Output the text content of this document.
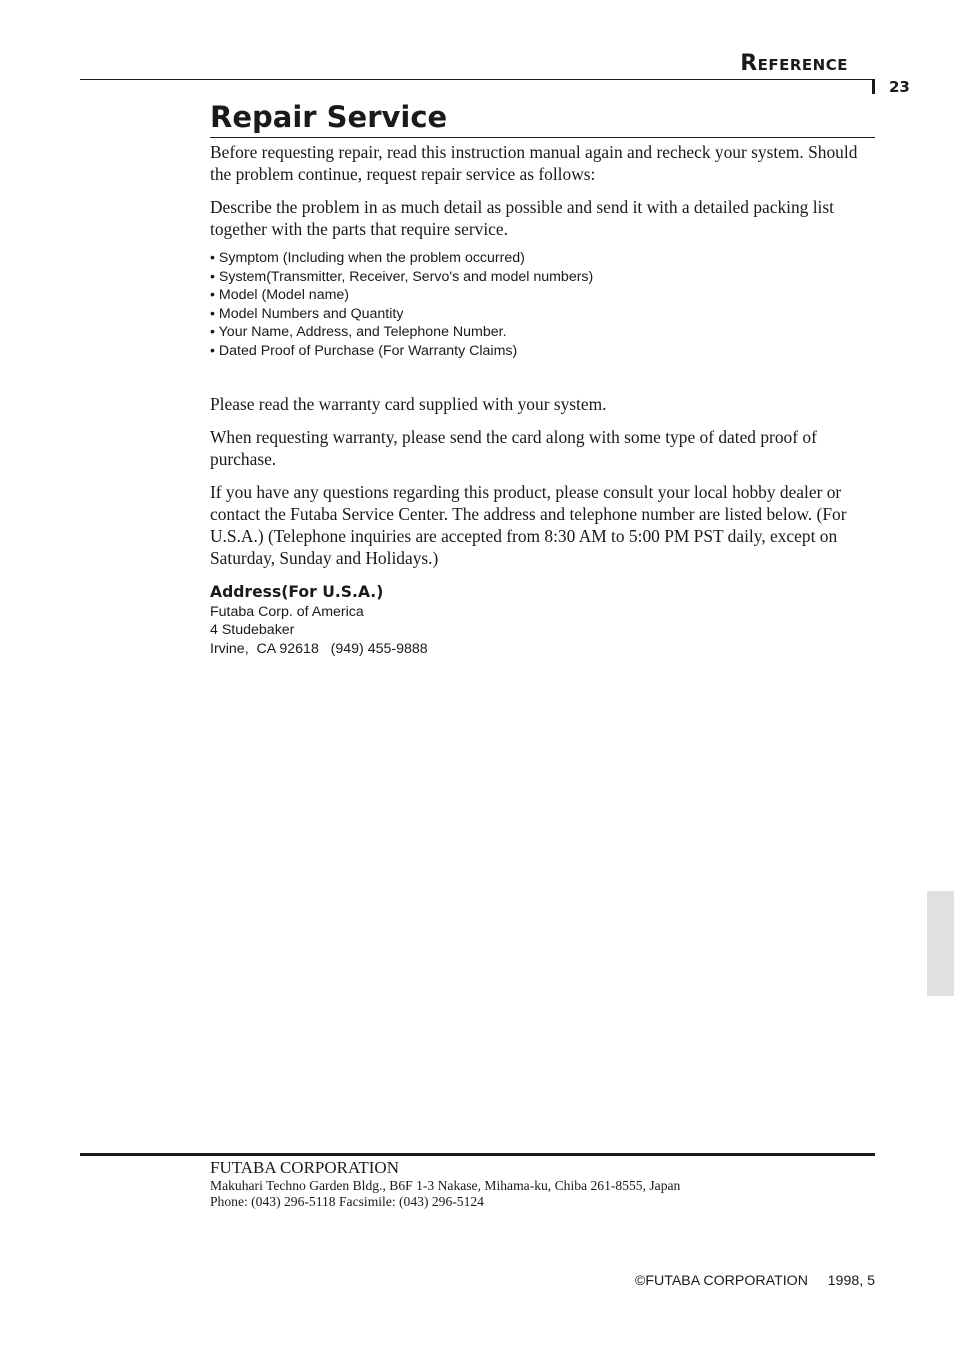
Reference
23
Repair Service

Before requesting repair, read this instruction manual again and recheck your system. Should the problem continue, request repair service as follows:

Describe the problem in as much detail as possible and send it with a detailed packing list together with the parts that require service.

• Symptom (Including when the problem occurred)
• System(Transmitter, Receiver, Servo's and model numbers)
• Model (Model name)
• Model Numbers and Quantity
• Your Name, Address, and Telephone Number.
• Dated Proof of Purchase (For Warranty Claims)

Please read the warranty card supplied with your system.

When requesting warranty, please send the card along with some type of dated proof of purchase.

If you have any questions regarding this product, please consult your local hobby dealer or contact the Futaba Service Center. The address and telephone number are listed below. (For U.S.A.) (Telephone inquiries are accepted from 8:30 AM to 5:00 PM PST daily, except on Saturday, Sunday and Holidays.)

Address(For U.S.A.)
Futaba Corp. of America
4 Studebaker
Irvine,  CA 92618   (949) 455-9888
FUTABA CORPORATION
Makuhari Techno Garden Bldg., B6F 1-3 Nakase, Mihama-ku, Chiba 261-8555, Japan
Phone: (043) 296-5118 Facsimile: (043) 296-5124
©FUTABA CORPORATION     1998, 5
